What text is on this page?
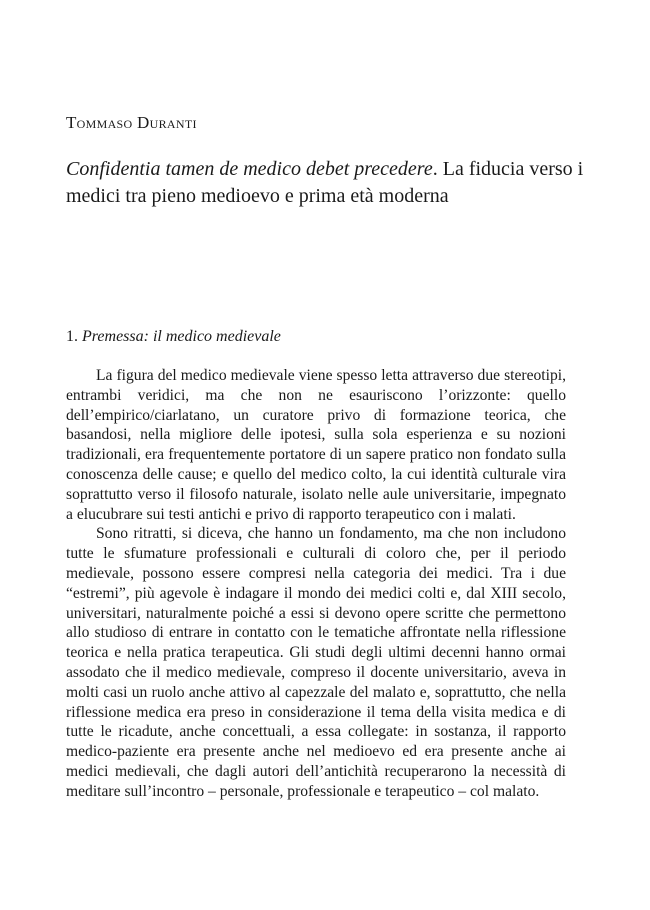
Tommaso Duranti

Confidentia tamen de medico debet precedere. La fiducia verso i medici tra pieno medioevo e prima età moderna
1. Premessa: il medico medievale

La figura del medico medievale viene spesso letta attraverso due stereotipi, entrambi veridici, ma che non ne esauriscono l’orizzonte: quello dell’empirico/ciarlatano, un curatore privo di formazione teorica, che basandosi, nella migliore delle ipotesi, sulla sola esperienza e su nozioni tradizionali, era frequentemente portatore di un sapere pratico non fondato sulla conoscenza delle cause; e quello del medico colto, la cui identità culturale vira soprattutto verso il filosofo naturale, isolato nelle aule universitarie, impegnato a elucubrare sui testi antichi e privo di rapporto terapeutico con i malati.

Sono ritratti, si diceva, che hanno un fondamento, ma che non includono tutte le sfumature professionali e culturali di coloro che, per il periodo medievale, possono essere compresi nella categoria dei medici. Tra i due “estremi”, più agevole è indagare il mondo dei medici colti e, dal XIII secolo, universitari, naturalmente poiché a essi si devono opere scritte che permettono allo studioso di entrare in contatto con le tematiche affrontate nella riflessione teorica e nella pratica terapeutica. Gli studi degli ultimi decenni hanno ormai assodato che il medico medievale, compreso il docente universitario, aveva in molti casi un ruolo anche attivo al capezzale del malato e, soprattutto, che nella riflessione medica era preso in considerazione il tema della visita medica e di tutte le ricadute, anche concettuali, a essa collegate: in sostanza, il rapporto medico-paziente era presente anche nel medioevo ed era presente anche ai medici medievali, che dagli autori dell’antichità recuperarono la necessità di meditare sull’incontro – personale, professionale e terapeutico – col malato.
